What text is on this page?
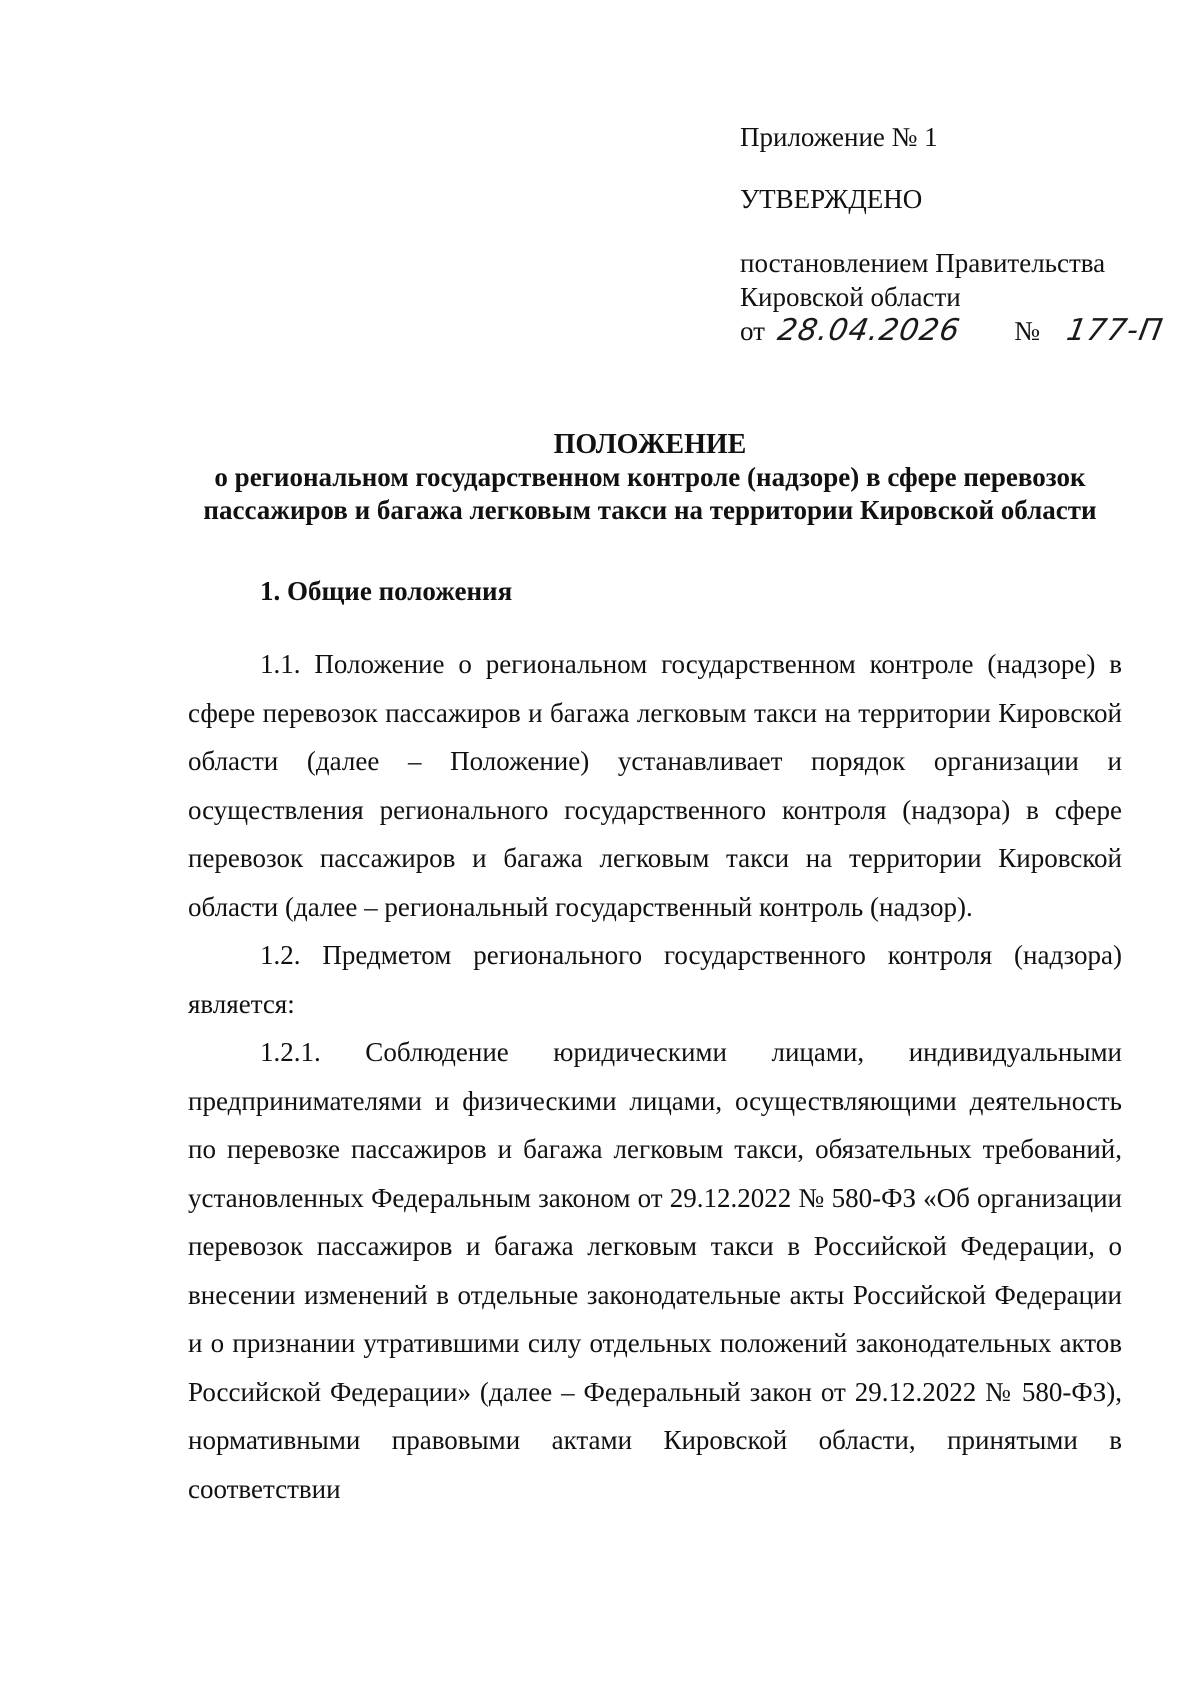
Приложение № 1
УТВЕРЖДЕНО
постановлением Правительства
Кировской области
от 28.04.2026 № 177-П
ПОЛОЖЕНИЕ
о региональном государственном контроле (надзоре) в сфере перевозок
пассажиров и багажа легковым такси на территории Кировской области
1. Общие положения

1.1. Положение о региональном государственном контроле (надзоре) в сфере перевозок пассажиров и багажа легковым такси на территории Кировской области (далее – Положение) устанавливает порядок организации и осуществления регионального государственного контроля (надзора) в сфере перевозок пассажиров и багажа легковым такси на территории Кировской области (далее – региональный государственный контроль (надзор).

1.2. Предметом регионального государственного контроля (надзора) является:

1.2.1. Соблюдение юридическими лицами, индивидуальными предпринимателями и физическими лицами, осуществляющими деятельность по перевозке пассажиров и багажа легковым такси, обязательных требований, установленных Федеральным законом от 29.12.2022 № 580-ФЗ «Об организации перевозок пассажиров и багажа легковым такси в Российской Федерации, о внесении изменений в отдельные законодательные акты Российской Федерации и о признании утратившими силу отдельных положений законодательных актов Российской Федерации» (далее – Федеральный закон от 29.12.2022 № 580-ФЗ), нормативными правовыми актами Кировской области, принятыми в соответствии
